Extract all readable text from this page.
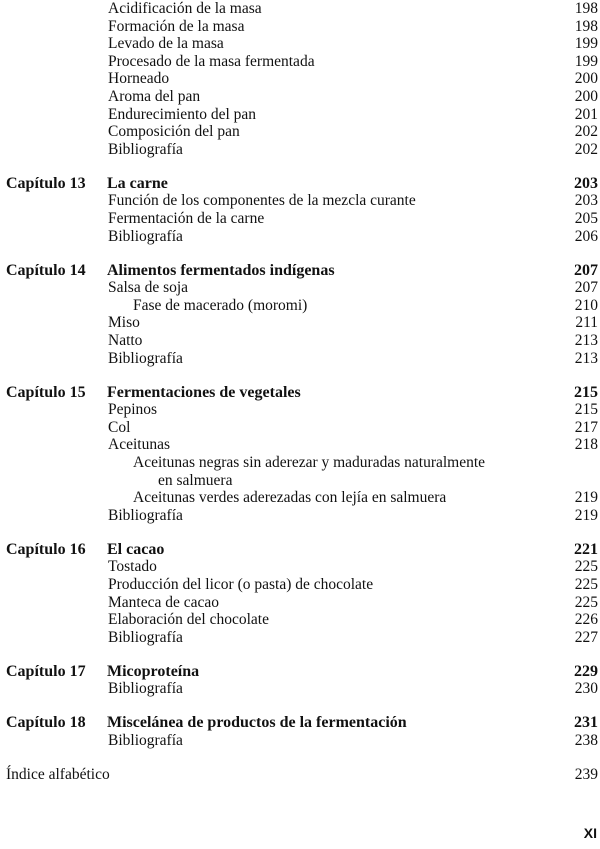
Acidificación de la masa	198
Formación de la masa	198
Levado de la masa	199
Procesado de la masa fermentada	199
Horneado	200
Aroma del pan	200
Endurecimiento del pan	201
Composición del pan	202
Bibliografía	202
Capítulo 13 La carne	203
Función de los componentes de la mezcla curante	203
Fermentación de la carne	205
Bibliografía	206
Capítulo 14 Alimentos fermentados indígenas	207
Salsa de soja	207
Fase de macerado (moromi)	210
Miso	211
Natto	213
Bibliografía	213
Capítulo 15 Fermentaciones de vegetales	215
Pepinos	215
Col	217
Aceitunas	218
Aceitunas negras sin aderezar y maduradas naturalmente
en salmuera
Aceitunas verdes aderezadas con lejía en salmuera	219
Bibliografía	219
Capítulo 16 El cacao	221
Tostado	225
Producción del licor (o pasta) de chocolate	225
Manteca de cacao	225
Elaboración del chocolate	226
Bibliografía	227
Capítulo 17 Micoproteína	229
Bibliografía	230
Capítulo 18 Miscelánea de productos de la fermentación	231
Bibliografía	238
Índice alfabético	239
XI
